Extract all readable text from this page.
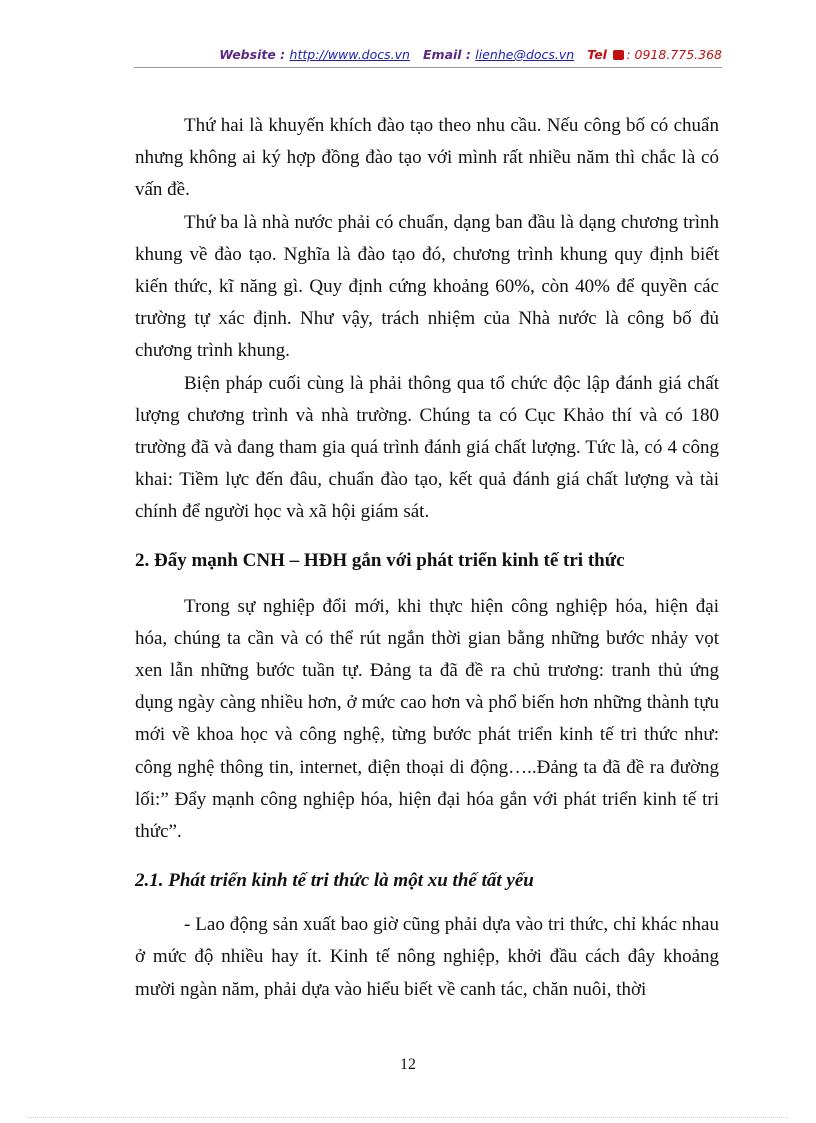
Website : http://www.docs.vn Email : lienhe@docs.vn Tel : 0918.775.368

Thứ hai là khuyến khích đào tạo theo nhu cầu. Nếu công bố có chuẩn nhưng không ai ký hợp đồng đào tạo với mình rất nhiều năm thì chắc là có vấn đề.

Thứ ba là nhà nước phải có chuẩn, dạng ban đầu là dạng chương trình khung về đào tạo. Nghĩa là đào tạo đó, chương trình khung quy định biết kiến thức, kĩ năng gì. Quy định cứng khoảng 60%, còn 40% để quyền các trường tự xác định. Như vậy, trách nhiệm của Nhà nước là công bố đủ chương trình khung.

Biện pháp cuối cùng là phải thông qua tổ chức độc lập đánh giá chất lượng chương trình và nhà trường. Chúng ta có Cục Khảo thí và có 180 trường đã và đang tham gia quá trình đánh giá chất lượng. Tức là, có 4 công khai: Tiềm lực đến đâu, chuẩn đào tạo, kết quả đánh giá chất lượng và tài chính để người học và xã hội giám sát.

2. Đẩy mạnh CNH – HĐH gắn với phát triển kinh tế tri thức

Trong sự nghiệp đổi mới, khi thực hiện công nghiệp hóa, hiện đại hóa, chúng ta cần và có thể rút ngắn thời gian bằng những bước nhảy vọt xen lẫn những bước tuần tự. Đảng ta đã đề ra chủ trương: tranh thủ ứng dụng ngày càng nhiều hơn, ở mức cao hơn và phổ biến hơn những thành tựu mới về khoa học và công nghệ, từng bước phát triển kinh tế tri thức như: công nghệ thông tin, internet, điện thoại di động…..Đảng ta đã đề ra đường lối:” Đẩy mạnh công nghiệp hóa, hiện đại hóa gắn với phát triển kinh tế tri thức”.

2.1. Phát triển kinh tế tri thức là một xu thế tất yếu

- Lao động sản xuất bao giờ cũng phải dựa vào tri thức, chỉ khác nhau ở mức độ nhiều hay ít. Kinh tế nông nghiệp, khởi đầu cách đây khoảng mười ngàn năm, phải dựa vào hiểu biết về canh tác, chăn nuôi, thời

12
